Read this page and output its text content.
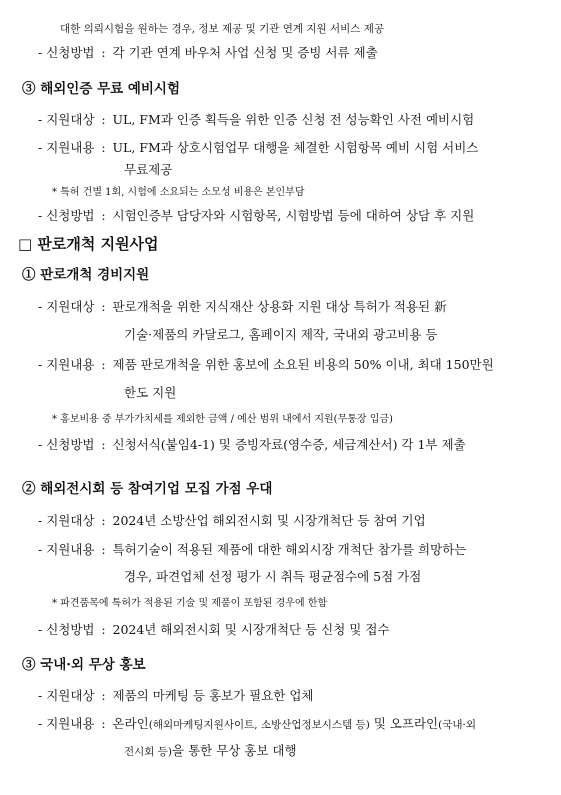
대한 의뢰시험을 원하는 경우, 정보 제공 및 기관 연계 지원 서비스 제공
- 신청방법 : 각 기관 연계 바우처 사업 신청 및 증빙 서류 제출
③ 해외인증 무료 예비시험
- 지원대상 : UL, FM과 인증 획득을 위한 인증 신청 전 성능확인 사전 예비시험
- 지원내용 : UL, FM과 상호시험업무 대행을 체결한 시험항목 예비 시험 서비스
무료제공
* 특허 건별 1회, 시험에 소요되는 소모성 비용은 본인부담
- 신청방법 : 시험인증부 담당자와 시험항목, 시험방법 등에 대하여 상담 후 지원
□ 판로개척 지원사업
① 판로개척 경비지원
- 지원대상 : 판로개척을 위한 지식재산 상용화 지원 대상 특허가 적용된 新
기술·제품의 카달로그, 홈페이지 제작, 국내외 광고비용 등
- 지원내용 : 제품 판로개척을 위한 홍보에 소요된 비용의 50% 이내, 최대 150만원
한도 지원
* 홍보비용 중 부가가치세를 제외한 금액 / 예산 범위 내에서 지원(무통장 입금)
- 신청방법 : 신청서식(붙임4-1) 및 증빙자료(영수증, 세금계산서) 각 1부 제출
② 해외전시회 등 참여기업 모집 가점 우대
- 지원대상 : 2024년 소방산업 해외전시회 및 시장개척단 등 참여 기업
- 지원내용 : 특허기술이 적용된 제품에 대한 해외시장 개척단 참가를 희망하는
경우, 파견업체 선정 평가 시 취득 평균점수에 5점 가점
* 파견품목에 특허가 적용된 기술 및 제품이 포함된 경우에 한함
- 신청방법 : 2024년 해외전시회 및 시장개척단 등 신청 및 접수
③ 국내·외 무상 홍보
- 지원대상 : 제품의 마케팅 등 홍보가 필요한 업체
- 지원내용 : 온라인(해외마케팅지원사이트, 소방산업정보시스템 등) 및 오프라인(국내·외
전시회 등)을 통한 무상 홍보 대행
